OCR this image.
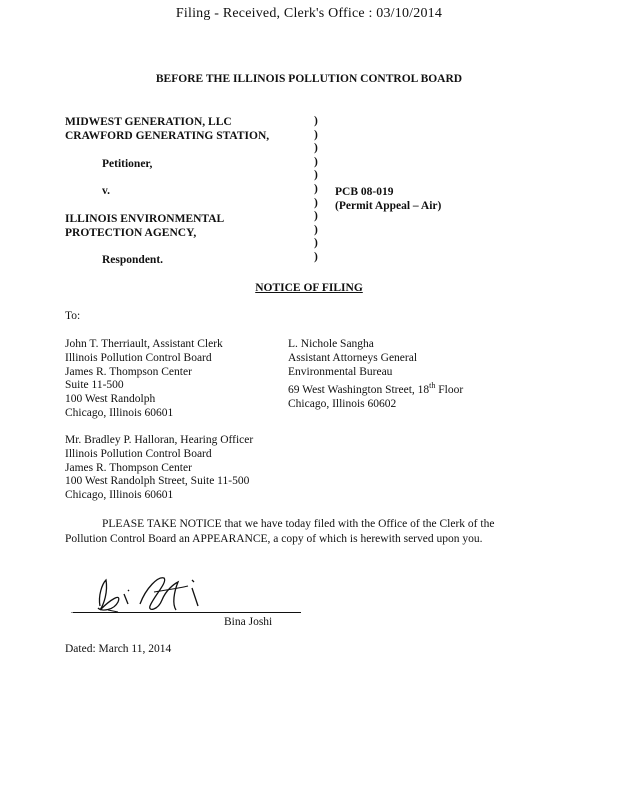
Filing - Received, Clerk's Office : 03/10/2014
BEFORE THE ILLINOIS POLLUTION CONTROL BOARD
MIDWEST GENERATION, LLC
CRAWFORD GENERATING STATION,
Petitioner,
v.
ILLINOIS ENVIRONMENTAL
PROTECTION AGENCY,
Respondent.
)
)
)
)
)
)
)
)
)
)
)
PCB 08-019
(Permit Appeal – Air)
NOTICE OF FILING
To:
John T. Therriault, Assistant Clerk
Illinois Pollution Control Board
James R. Thompson Center
Suite 11-500
100 West Randolph
Chicago, Illinois 60601
L. Nichole Sangha
Assistant Attorneys General
Environmental Bureau
69 West Washington Street, 18th Floor
Chicago, Illinois 60602
Mr. Bradley P. Halloran, Hearing Officer
Illinois Pollution Control Board
James R. Thompson Center
100 West Randolph Street, Suite 11-500
Chicago, Illinois 60601
PLEASE TAKE NOTICE that we have today filed with the Office of the Clerk of the
Pollution Control Board an APPEARANCE, a copy of which is herewith served upon you.
– –
Bina Joshi
Dated: March 11, 2014
